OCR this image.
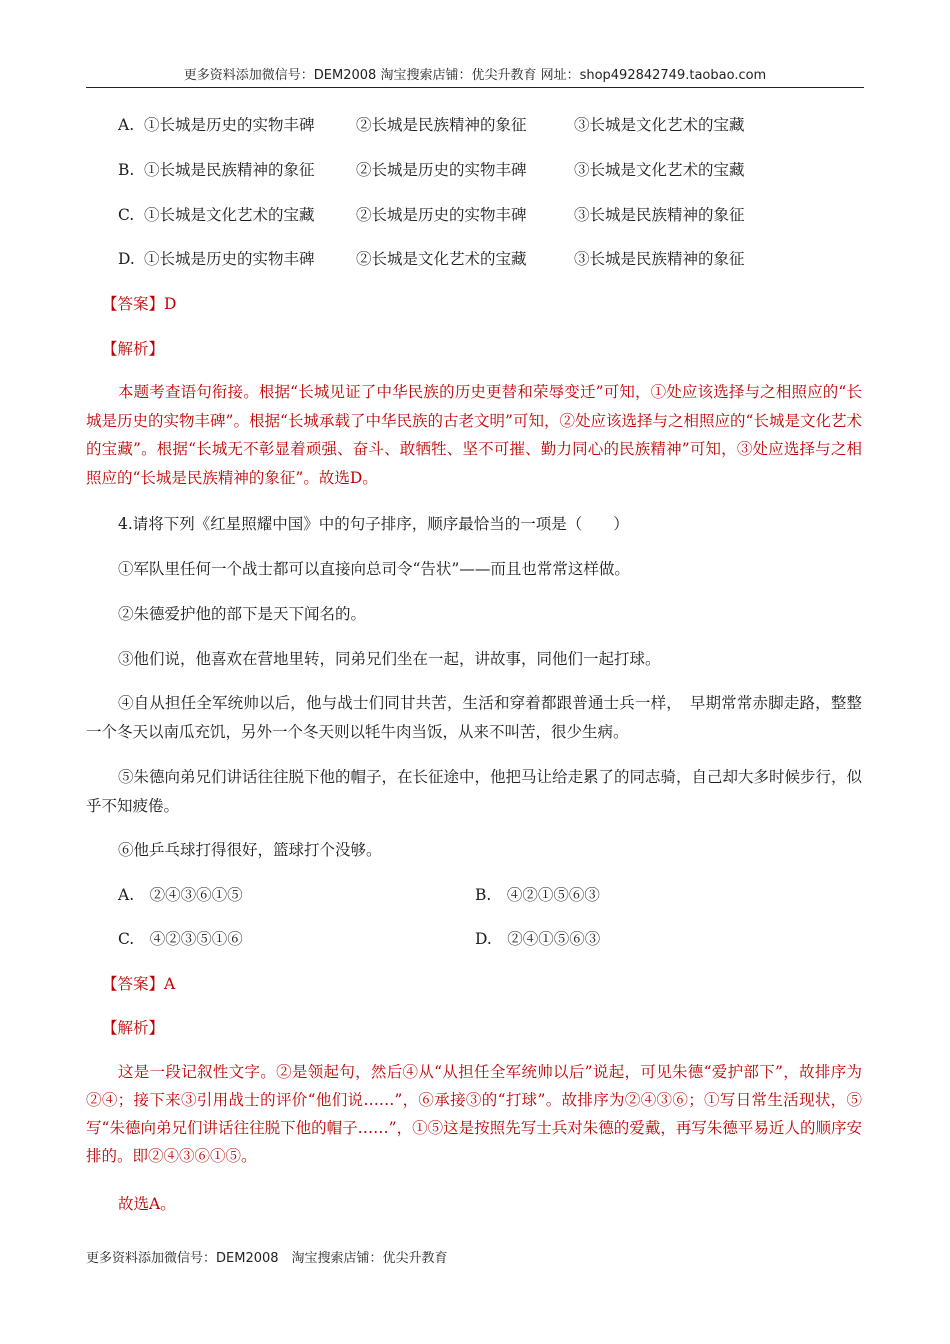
更多资料添加微信号：DEM2008 淘宝搜索店铺：优尖升教育 网址：shop492842749.taobao.com
A. ①长城是历史的实物丰碑	②长城是民族精神的象征	③长城是文化艺术的宝藏
B. ①长城是民族精神的象征	②长城是历史的实物丰碑	③长城是文化艺术的宝藏
C. ①长城是文化艺术的宝藏	②长城是历史的实物丰碑	③长城是民族精神的象征
D. ①长城是历史的实物丰碑	②长城是文化艺术的宝藏	③长城是民族精神的象征
【答案】D
【解析】
本题考查语句衔接。根据“长城见证了中华民族的历史更替和荣辱变迁”可知，①处应该选择与之相照应的“长城是历史的实物丰碑”。根据“长城承载了中华民族的古老文明”可知，②处应该选择与之相照应的“长城是文化艺术的宝藏”。根据“长城无不彰显着顽强、奋斗、敢牺牲、坚不可摧、勤力同心的民族精神”可知，③处应选择与之相照应的“长城是民族精神的象征”。故选D。
4.请将下列《红星照耀中国》中的句子排序，顺序最恰当的一项是（　　）
①军队里任何一个战士都可以直接向总司令“告状”——而且也常常这样做。
②朱德爱护他的部下是天下闻名的。
③他们说，他喜欢在营地里转，同弟兄们坐在一起，讲故事，同他们一起打球。
④自从担任全军统帅以后，他与战士们同甘共苦，生活和穿着都跟普通士兵一样，　早期常常赤脚走路，整整一个冬天以南瓜充饥，另外一个冬天则以牦牛肉当饭，从来不叫苦，很少生病。
⑤朱德向弟兄们讲话往往脱下他的帽子，在长征途中，他把马让给走累了的同志骑，自己却大多时候步行，似乎不知疲倦。
⑥他乒乓球打得很好，篮球打个没够。
A.　②④③⑥①⑤	B.　④②①⑤⑥③
C.　④②③⑤①⑥	D.　②④①⑤⑥③
【答案】A
【解析】
这是一段记叙性文字。②是领起句，然后④从“从担任全军统帅以后”说起，可见朱德“爱护部下”，故排序为②④；接下来③引用战士的评价“他们说……”，⑥承接③的“打球”。故排序为②④③⑥；①写日常生活现状，⑤写“朱德向弟兄们讲话往往脱下他的帽子……”，①⑤这是按照先写士兵对朱德的爱戴，再写朱德平易近人的顺序安排的。即②④③⑥①⑤。
故选A。
更多资料添加微信号：DEM2008　淘宝搜索店铺：优尖升教育
